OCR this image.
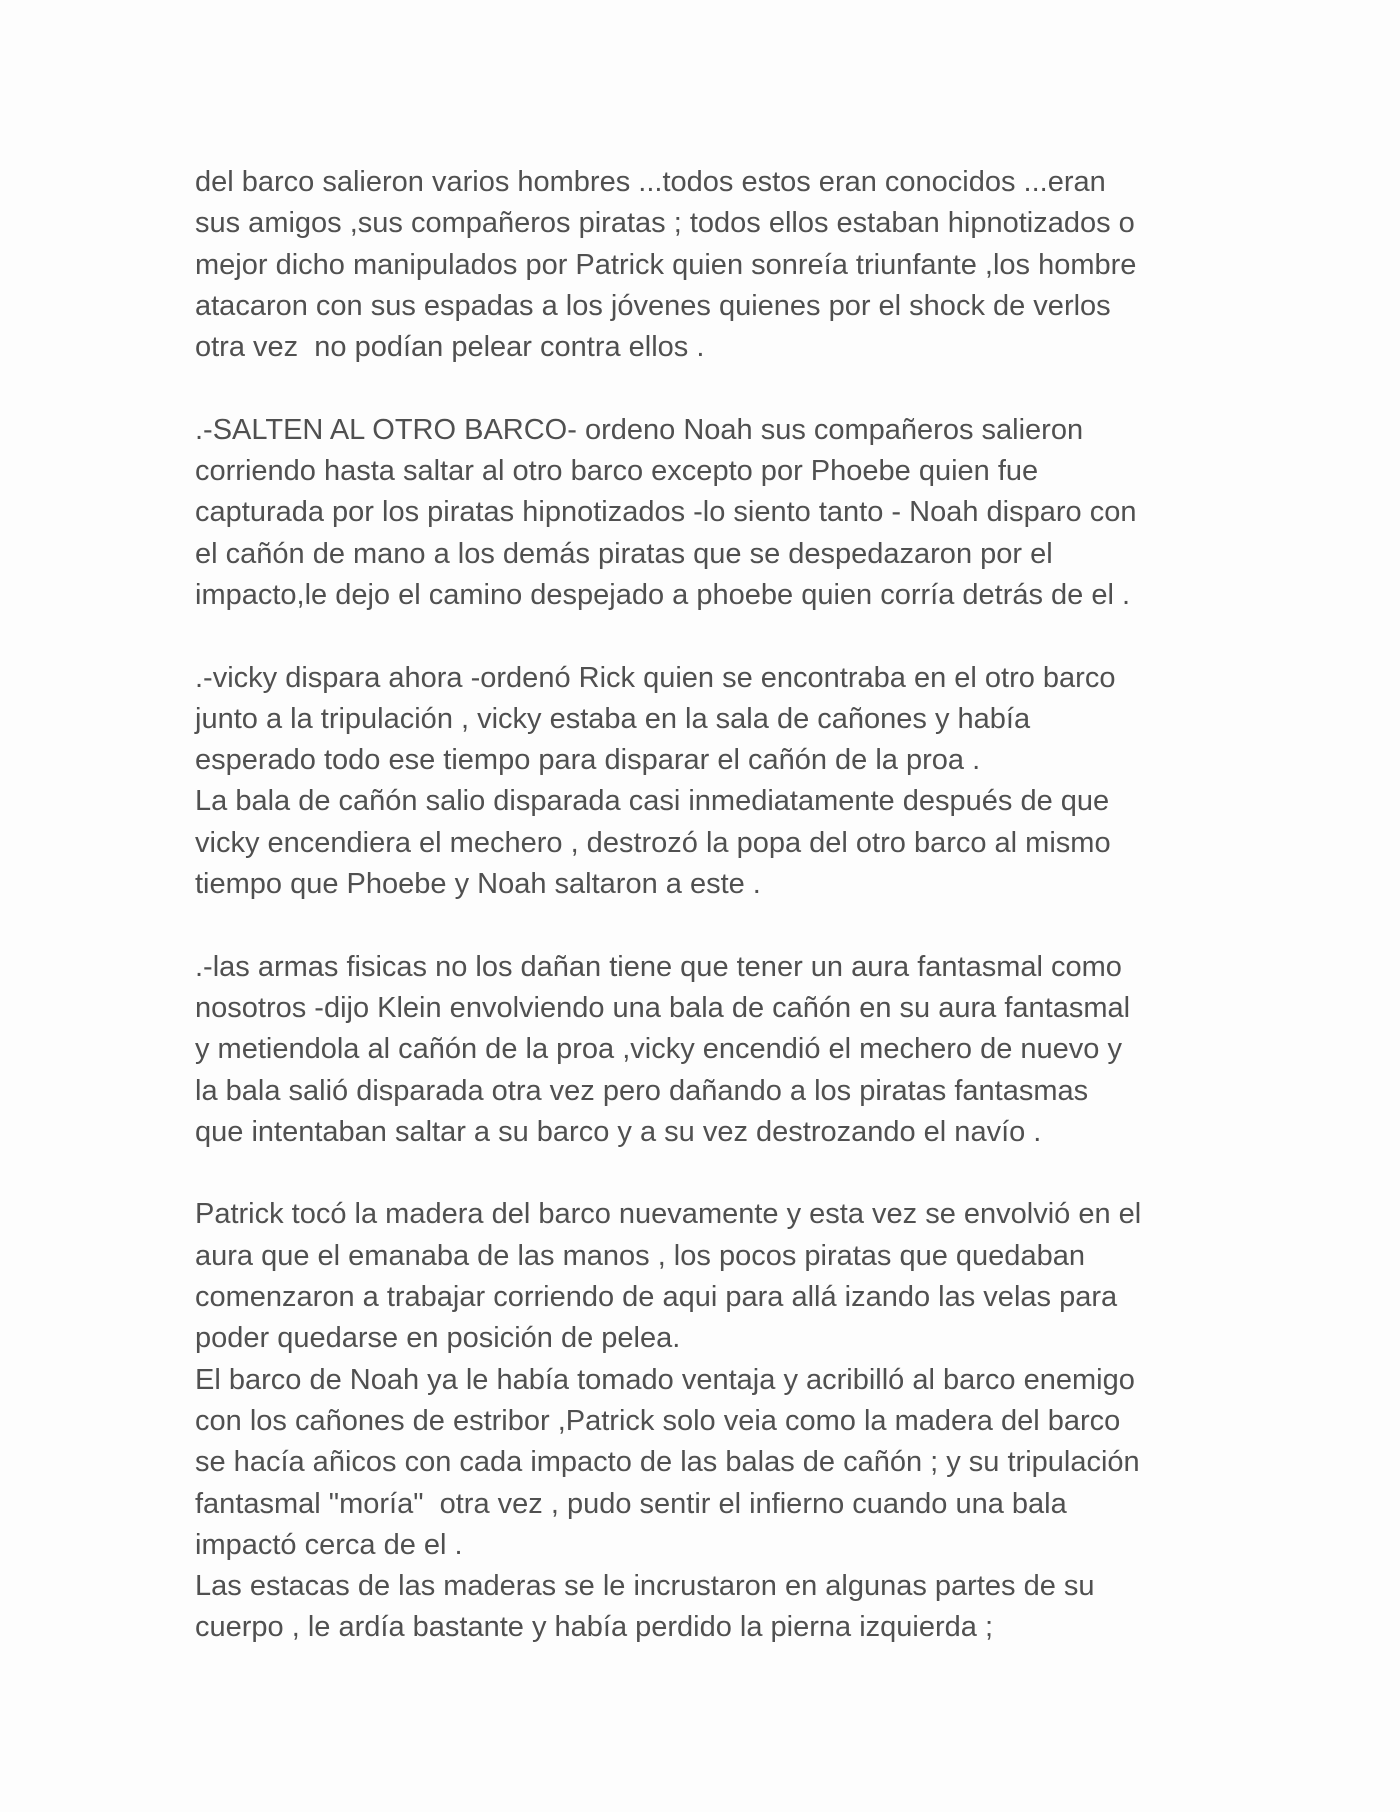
del barco salieron varios hombres ...todos estos eran conocidos ...eran
sus amigos ,sus compañeros piratas ; todos ellos estaban hipnotizados o
mejor dicho manipulados por Patrick quien sonreía triunfante ,los hombre
atacaron con sus espadas a los jóvenes quienes por el shock de verlos
otra vez  no podían pelear contra ellos .
.-SALTEN AL OTRO BARCO- ordeno Noah sus compañeros salieron
corriendo hasta saltar al otro barco excepto por Phoebe quien fue
capturada por los piratas hipnotizados -lo siento tanto - Noah disparo con
el cañón de mano a los demás piratas que se despedazaron por el
impacto,le dejo el camino despejado a phoebe quien corría detrás de el .
.-vicky dispara ahora -ordenó Rick quien se encontraba en el otro barco
junto a la tripulación , vicky estaba en la sala de cañones y había
esperado todo ese tiempo para disparar el cañón de la proa .
La bala de cañón salio disparada casi inmediatamente después de que
vicky encendiera el mechero , destrozó la popa del otro barco al mismo
tiempo que Phoebe y Noah saltaron a este .
.-las armas fisicas no los dañan tiene que tener un aura fantasmal como
nosotros -dijo Klein envolviendo una bala de cañón en su aura fantasmal
y metiendola al cañón de la proa ,vicky encendió el mechero de nuevo y
la bala salió disparada otra vez pero dañando a los piratas fantasmas
que intentaban saltar a su barco y a su vez destrozando el navío .
Patrick tocó la madera del barco nuevamente y esta vez se envolvió en el
aura que el emanaba de las manos , los pocos piratas que quedaban
comenzaron a trabajar corriendo de aqui para allá izando las velas para
poder quedarse en posición de pelea.
El barco de Noah ya le había tomado ventaja y acribilló al barco enemigo
con los cañones de estribor ,Patrick solo veia como la madera del barco
se hacía añicos con cada impacto de las balas de cañón ; y su tripulación
fantasmal "moría"  otra vez , pudo sentir el infierno cuando una bala
impactó cerca de el .
Las estacas de las maderas se le incrustaron en algunas partes de su
cuerpo , le ardía bastante y había perdido la pierna izquierda ;
